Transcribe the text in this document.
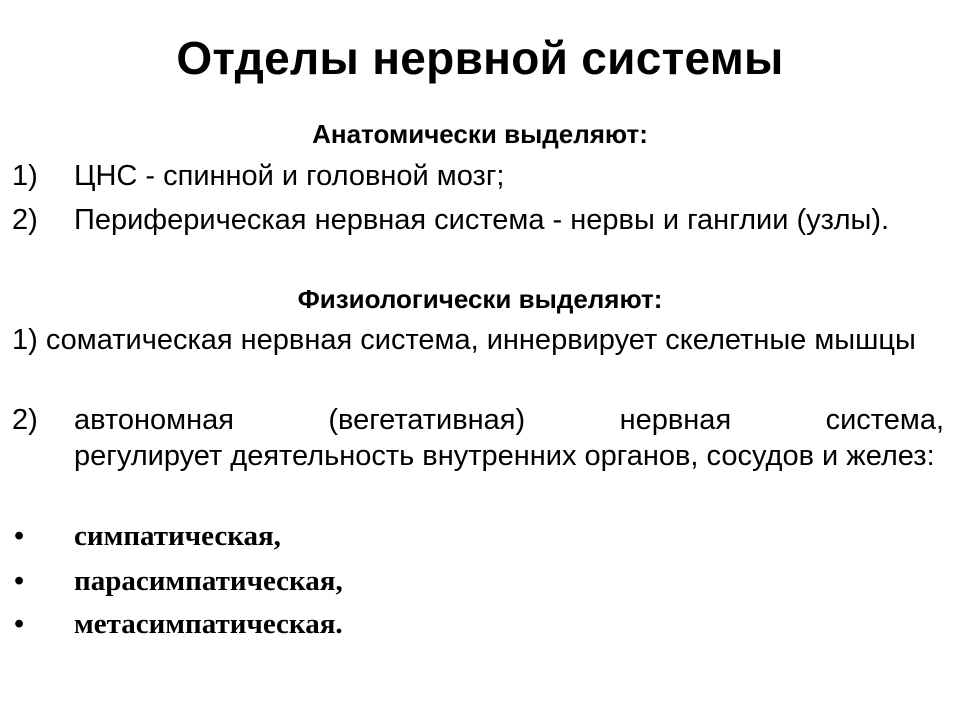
Отделы нервной системы
Анатомически выделяют:
1) ЦНС - спинной и головной мозг;
2) Периферическая нервная система - нервы и ганглии (узлы).
Физиологически выделяют:
1) соматическая нервная система, иннервирует скелетные мышцы
2) автономная (вегетативная) нервная система,
регулирует деятельность внутренних органов, сосудов и желез:
• симпатическая,
• парасимпатическая,
• метасимпатическая.
